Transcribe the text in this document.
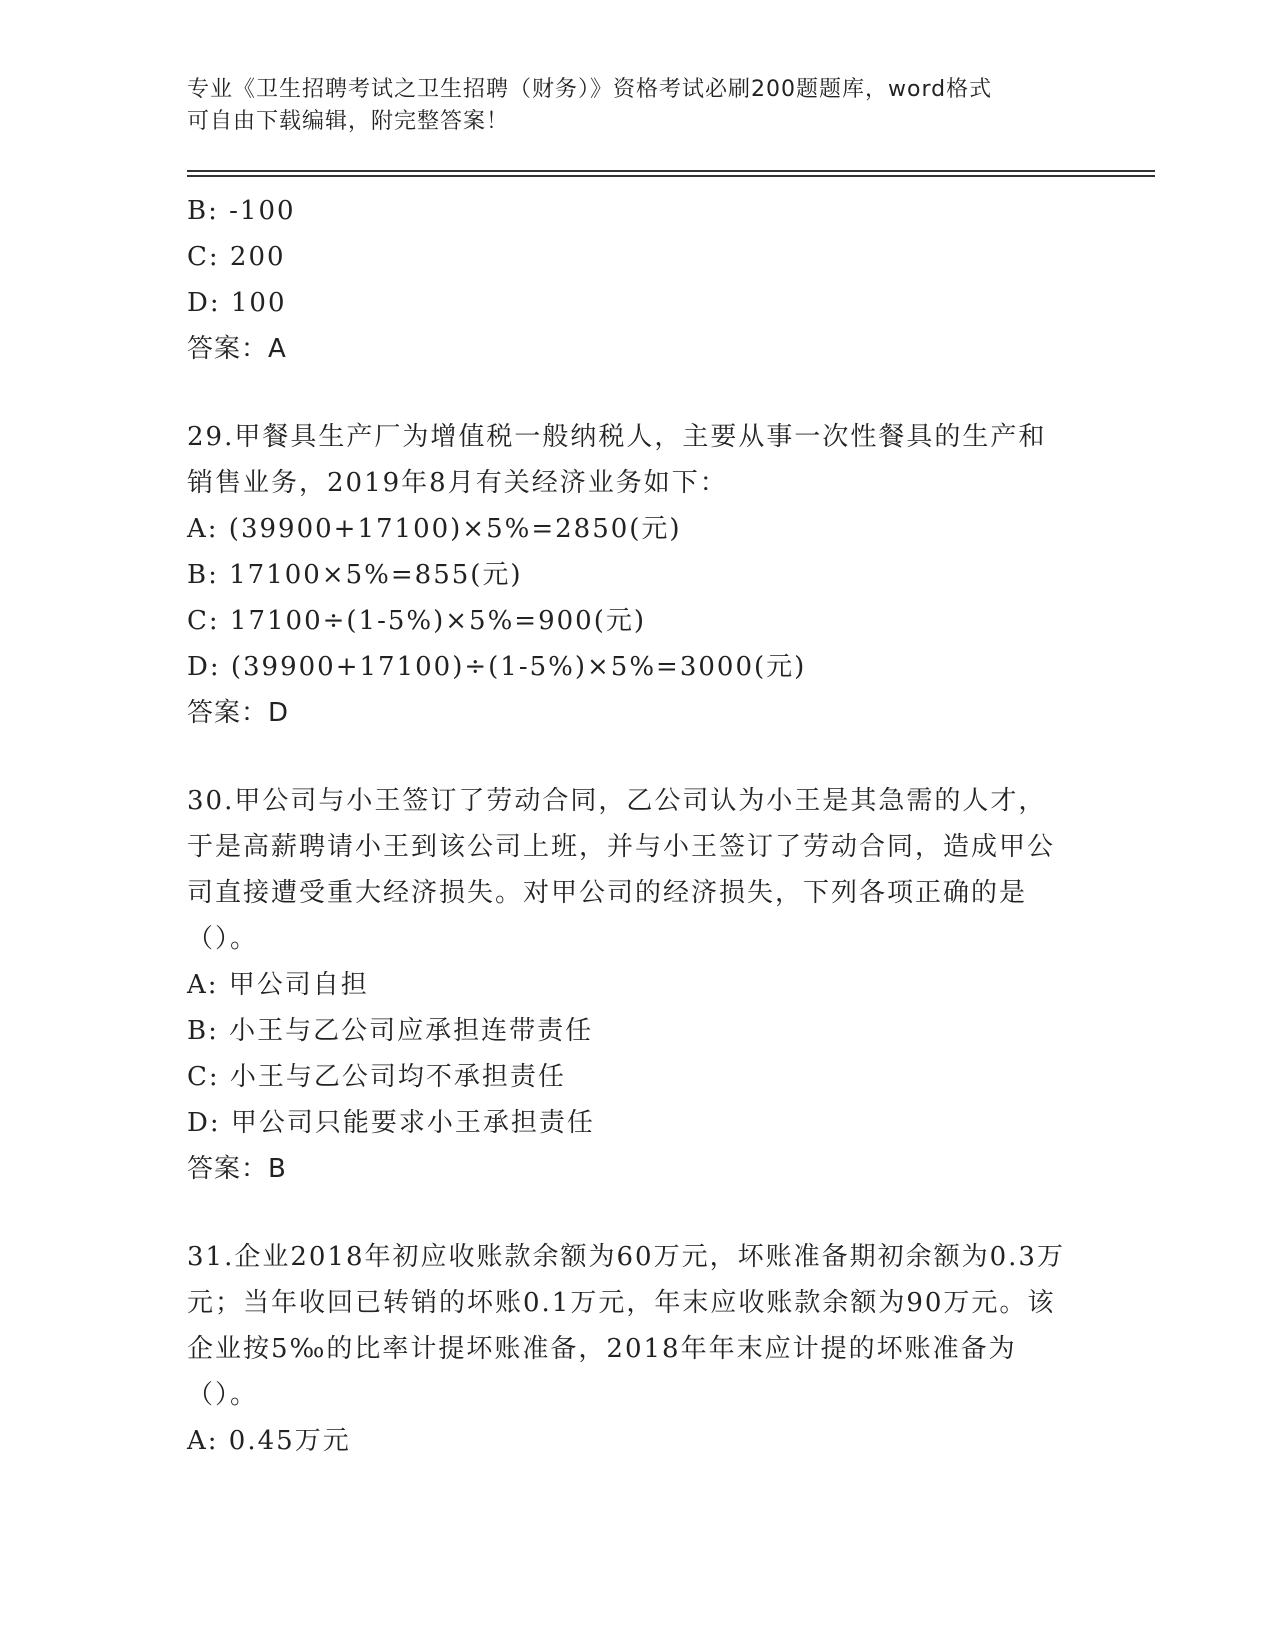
专业《卫生招聘考试之卫生招聘（财务）》资格考试必刷200题题库，word格式
可自由下载编辑，附完整答案！
B: -100
C: 200
D: 100
答案：A
29.甲餐具生产厂为增值税一般纳税人，主要从事一次性餐具的生产和销售业务，2019年8月有关经济业务如下：
A: (39900+17100)×5%=2850(元)
B: 17100×5%=855(元)
C: 17100÷(1-5%)×5%=900(元)
D: (39900+17100)÷(1-5%)×5%=3000(元)
答案：D
30.甲公司与小王签订了劳动合同，乙公司认为小王是其急需的人才，于是高薪聘请小王到该公司上班，并与小王签订了劳动合同，造成甲公司直接遭受重大经济损失。对甲公司的经济损失，下列各项正确的是（）。
A: 甲公司自担
B: 小王与乙公司应承担连带责任
C: 小王与乙公司均不承担责任
D: 甲公司只能要求小王承担责任
答案：B
31.企业2018年初应收账款余额为60万元，坏账准备期初余额为0.3万元；当年收回已转销的坏账0.1万元，年末应收账款余额为90万元。该企业按5‰的比率计提坏账准备，2018年年末应计提的坏账准备为（）。
A: 0.45万元
